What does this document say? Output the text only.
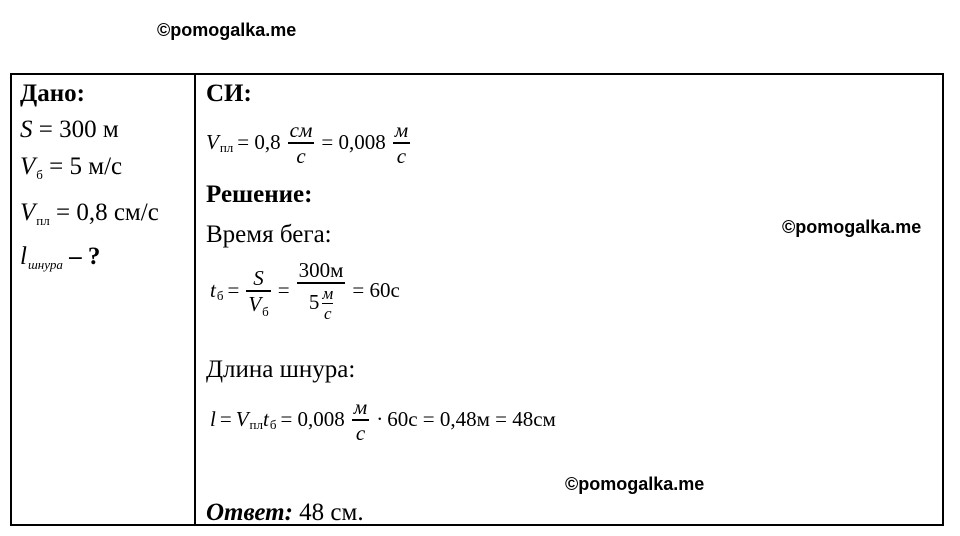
©pomogalka.me
©pomogalka.me
©pomogalka.me
Дано:
S = 300 м
$V_б = 5$ м/с
$V_{пл} = 0,8$ см/с
$l_{шнура}$ – ?
СИ:
V пл = $0,8 \frac{см}{с} = 0,008 \frac{м}{с}$
Решение:
Время бега:
t $б = \frac{S}{V_б} = 300м$
5 м
с = 60с
Длина шнура:
l = V пл t $б = 0,008 \frac{м}{с} \cdot 60с = 0,48м = 48см$
Ответ: 48 см.
